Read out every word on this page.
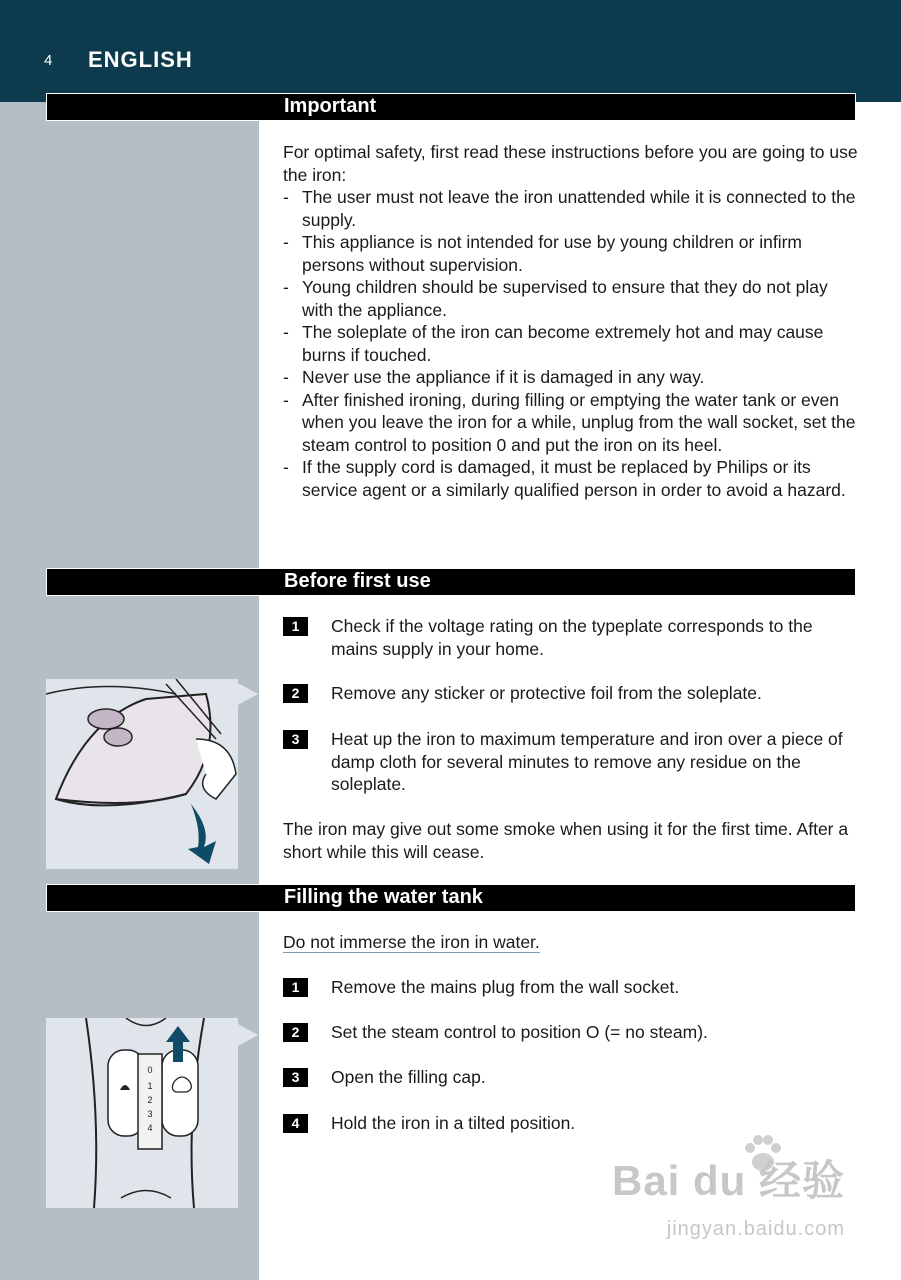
4 ENGLISH
Important

For optimal safety, first read these instructions before you are going to use the iron:

- The user must not leave the iron unattended while it is connected to the supply.
- This appliance is not intended for use by young children or infirm persons without supervision.
- Young children should be supervised to ensure that they do not play with the appliance.
- The soleplate of the iron can become extremely hot and may cause burns if touched.
- Never use the appliance if it is damaged in any way.
- After finished ironing, during filling or emptying the water tank or even when you leave the iron for a while, unplug from the wall socket, set the steam control to position 0 and put the iron on its heel.
- If the supply cord is damaged, it must be replaced by Philips or its service agent or a similarly qualified person in order to avoid a hazard.
Before first use
1	Check if the voltage rating on the typeplate corresponds to the mains supply in your home.
2	Remove any sticker or protective foil from the soleplate.
3	Heat up the iron to maximum temperature and iron over a piece of damp cloth for several minutes to remove any residue on the soleplate.
The iron may give out some smoke when using it for the first time. After a short while this will cease.
Filling the water tank
Do not immerse the iron in water.
1	Remove the mains plug from the wall socket.
2	Set the steam control to position O (= no steam).
3	Open the filling cap.
4	Hold the iron in a tilted position.
0
1
2
3
4
Bai du 经验
jingyan.baidu.com
